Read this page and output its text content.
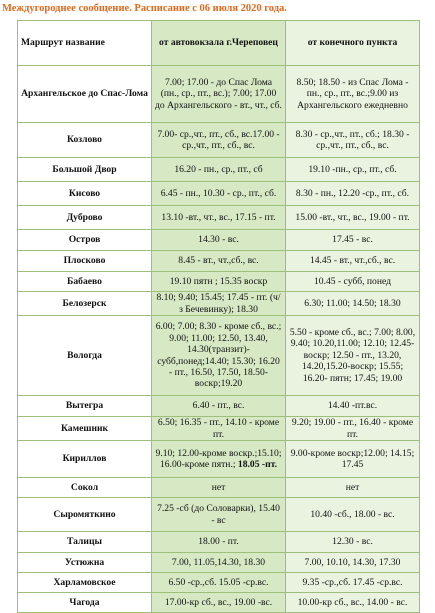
Междугороднее сообщение. Расписание с 06 июля 2020 года.
Маршрут название	от автовокзала г.Череповец	от конечного пункта
Архангельское до Спас-Лома	7.00; 17.00 - до Спас Лома (пн., ср., пт., вс.); 7.00; 17.00 до Архангельского - вт., чт., сб.	8.50; 18.50 - из Спас Лома - пн., ср., пт., вс.;9.00 из Архангельского ежедневно
Козлово	7.00- ср.,чт., пт., сб., вс.17.00 - ср.,чт., пт., сб., вс.	8.30 - ср.,чт., пт., сб.; 18.30 - ср.,чт., пт., сб., вс.
Большой Двор	16.20 - пн., ср., пт., сб	19.10 -пн., ср., пт., сб.
Кисово	6.45 - пн., 10.30 - ср., пт., сб.	8.30 - пн., 12.20 -ср., пт., сб.
Дуброво	13.10 -вт., чт., вс., 17.15 - пт.	15.00 -вт., чт., вс., 19.00 - пт.
Остров	14.30 - вс.	17.45 - вс.
Плосково	8.45 - вт., чт.,сб., вс.	14.45 - вт., чт.,сб., вс.
Бабаево	19.10 пятн ; 15.35 воскр	10.45 - субб, понед
Белозерск	8.10; 9.40; 15.45; 17.45 - пт. (ч/з Бечевинку); 18.30	6.30; 11.00; 14.50; 18.30
Вологда	6.00; 7.00; 8.30 - кроме сб., вс.; 9.00; 11.00; 12.50, 13.40, 14.30(транзит)-субб,понед;14.40; 15.30; 16.20 - пт., 16.50, 17.50, 18.50- воскр;19.20	5.50 - кроме сб., вс.; 7.00; 8.00, 9.40; 10.20,11.00; 12.10; 12.45- воскр; 12.50 - пт., 13.20, 14.20,15.20-воскр; 15.55; 16.20- пятн; 17.45; 19.00
Вытегра	6.40 - пт., вс.	14.40 -пт.вс.
Камешник	6.50; 16.35 - пт., 14.10 - кроме пт.	9.20; 19.00 - пт., 16.40 - кроме пт.
Кириллов	9.10; 12.00-кроме воскр.;15.10; 16.00-кроме пятн.; 18.05 -пт.	9.00-кроме воскр;12.00; 14.15; 17.45
Сокол	нет	нет
Сыромяткино	7.25 -сб (до Соловарки), 15.40 - вс	10.40 -сб., 18.00 - вс.
Талицы	18.00 - пт.	12.30 - вс.
Устюжна	7.00, 11.05,14.30, 18.30	7.00, 10.10, 14.30, 17.30
Харламовское	6.50 -ср.,сб. 15.05 -ср.вс.	9.35 -ср.,сб. 17.45 -ср.вс.
Чагода	17.00-кр сб., вс., 19.00 -вс.	10.00-кр сб., вс., 14.00 - вс.
